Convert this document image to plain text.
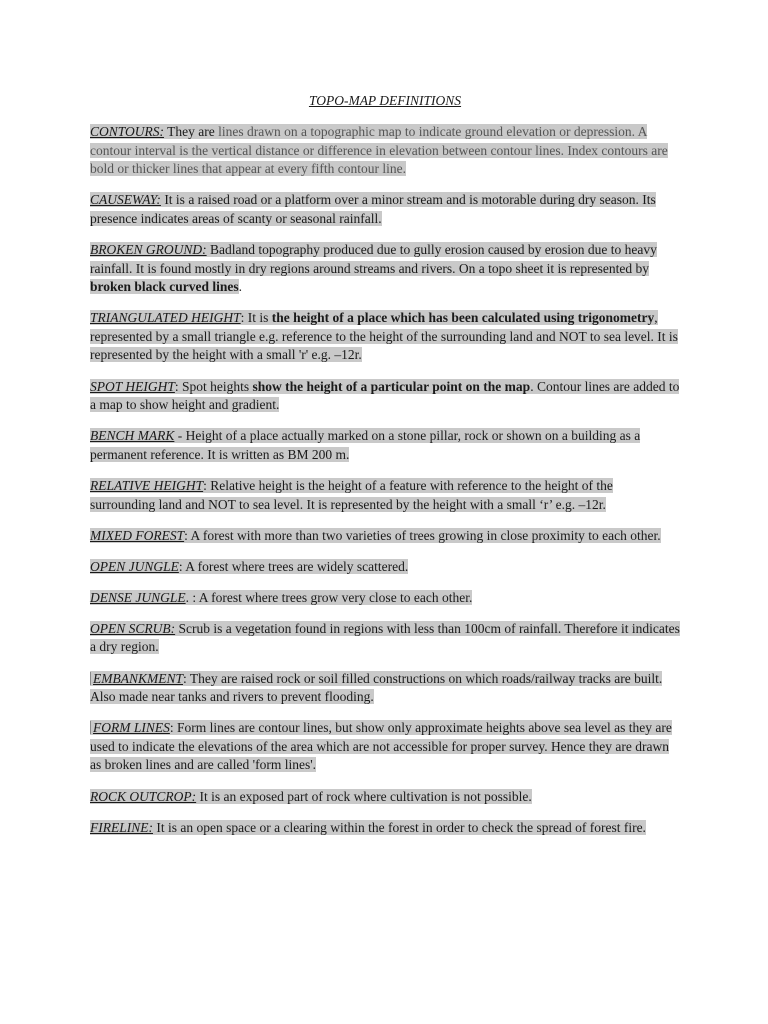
TOPO-MAP DEFINITIONS

CONTOURS: They are lines drawn on a topographic map to indicate ground elevation or depression. A contour interval is the vertical distance or difference in elevation between contour lines. Index contours are bold or thicker lines that appear at every fifth contour line.

CAUSEWAY: It is a raised road or a platform over a minor stream and is motorable during dry season. Its presence indicates areas of scanty or seasonal rainfall.

BROKEN GROUND: Badland topography produced due to gully erosion caused by erosion due to heavy rainfall. It is found mostly in dry regions around streams and rivers. On a topo sheet it is represented by broken black curved lines.

TRIANGULATED HEIGHT: It is the height of a place which has been calculated using trigonometry, represented by a small triangle e.g. reference to the height of the surrounding land and NOT to sea level. It is represented by the height with a small 'r' e.g. –12r.

SPOT HEIGHT: Spot heights show the height of a particular point on the map. Contour lines are added to a map to show height and gradient.

BENCH MARK - Height of a place actually marked on a stone pillar, rock or shown on a building as a permanent reference. It is written as BM 200 m.

RELATIVE HEIGHT: Relative height is the height of a feature with reference to the height of the surrounding land and NOT to sea level. It is represented by the height with a small ‘r’ e.g. –12r.

MIXED FOREST: A forest with more than two varieties of trees growing in close proximity to each other.

OPEN JUNGLE: A forest where trees are widely scattered.

DENSE JUNGLE. : A forest where trees grow very close to each other.

OPEN SCRUB: Scrub is a vegetation found in regions with less than 100cm of rainfall. Therefore it indicates a dry region.

EMBANKMENT: They are raised rock or soil filled constructions on which roads/railway tracks are built. Also made near tanks and rivers to prevent flooding.

FORM LINES: Form lines are contour lines, but show only approximate heights above sea level as they are used to indicate the elevations of the area which are not accessible for proper survey. Hence they are drawn as broken lines and are called 'form lines'.

ROCK OUTCROP: It is an exposed part of rock where cultivation is not possible.

FIRELINE: It is an open space or a clearing within the forest in order to check the spread of forest fire.
